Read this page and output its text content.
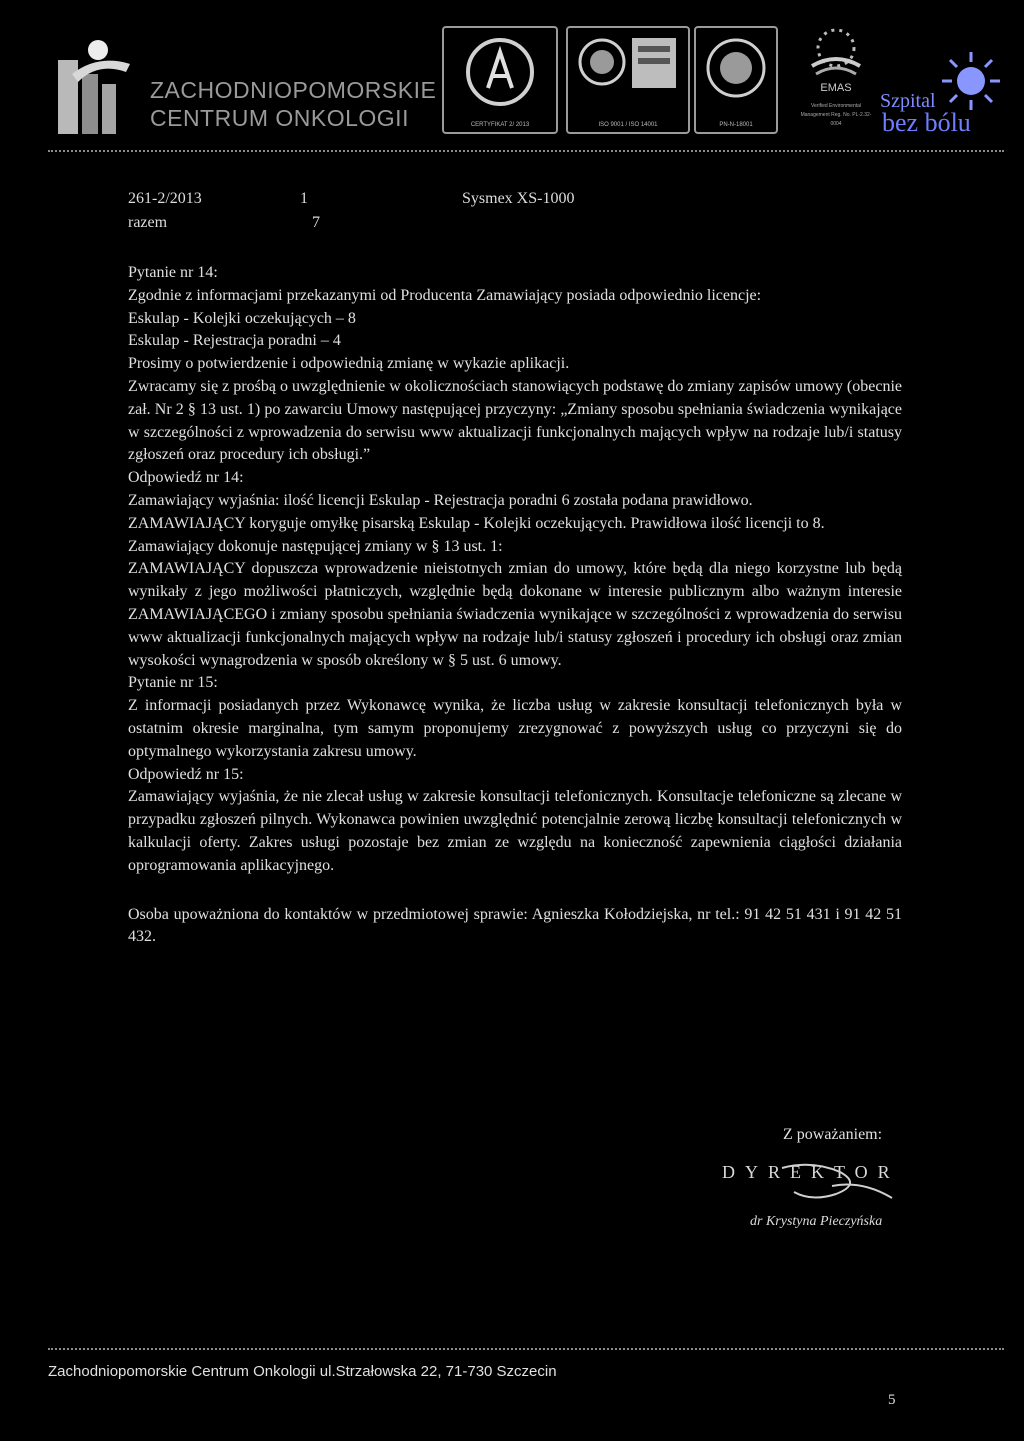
ZACHODNIOPOMORSKIE
CENTRUM ONKOLOGII	CERTYFIKAT 2/ 2013	ISO 9001 / ISO 14001	PN-N-18001
EMAS
Verified Environmental Management Reg. No. PL-2.32-0004
Szpital
bez bólu
261-2/2013	1	Sysmex XS-1000
razem	7

Pytanie nr 14:

Zgodnie z informacjami przekazanymi od Producenta Zamawiający posiada odpowiednio licencje:

Eskulap - Kolejki oczekujących – 8

Eskulap - Rejestracja poradni – 4

Prosimy o potwierdzenie i odpowiednią zmianę w wykazie aplikacji.

Zwracamy się z prośbą o uwzględnienie w okolicznościach stanowiących podstawę do zmiany zapisów umowy (obecnie zał. Nr 2 § 13 ust. 1) po zawarciu Umowy następującej przyczyny: „Zmiany sposobu spełniania świadczenia wynikające w szczególności z wprowadzenia do serwisu www aktualizacji funkcjonalnych mających wpływ na rodzaje lub/i statusy zgłoszeń oraz procedury ich obsługi.”

Odpowiedź nr 14:

Zamawiający wyjaśnia: ilość licencji Eskulap - Rejestracja poradni 6 została podana prawidłowo.

ZAMAWIAJĄCY koryguje omyłkę pisarską Eskulap - Kolejki oczekujących. Prawidłowa ilość licencji to 8.

Zamawiający dokonuje następującej zmiany w § 13 ust. 1:

ZAMAWIAJĄCY dopuszcza wprowadzenie nieistotnych zmian do umowy, które będą dla niego korzystne lub będą wynikały z jego możliwości płatniczych, względnie będą dokonane w interesie publicznym albo ważnym interesie ZAMAWIAJĄCEGO i zmiany sposobu spełniania świadczenia wynikające w szczególności z wprowadzenia do serwisu www aktualizacji funkcjonalnych mających wpływ na rodzaje lub/i statusy zgłoszeń i procedury ich obsługi oraz zmian wysokości wynagrodzenia w sposób określony w § 5 ust. 6 umowy.

Pytanie nr 15:

Z informacji posiadanych przez Wykonawcę wynika, że liczba usług w zakresie konsultacji telefonicznych była w ostatnim okresie marginalna, tym samym proponujemy zrezygnować z powyższych usług co przyczyni się do optymalnego wykorzystania zakresu umowy.

Odpowiedź nr 15:

Zamawiający wyjaśnia, że nie zlecał usług w zakresie konsultacji telefonicznych. Konsultacje telefoniczne są zlecane w przypadku zgłoszeń pilnych. Wykonawca powinien uwzględnić potencjalnie zerową liczbę konsultacji telefonicznych w kalkulacji oferty. Zakres usługi pozostaje bez zmian ze względu na konieczność zapewnienia ciągłości działania oprogramowania aplikacyjnego.

Osoba upoważniona do kontaktów w przedmiotowej sprawie: Agnieszka Kołodziejska, nr tel.: 91 42 51 431 i 91 42 51 432.

Z poważaniem:
DYREKTOR
dr Krystyna Pieczyńska
Zachodniopomorskie Centrum Onkologii ul.Strzałowska 22, 71-730 Szczecin
5
